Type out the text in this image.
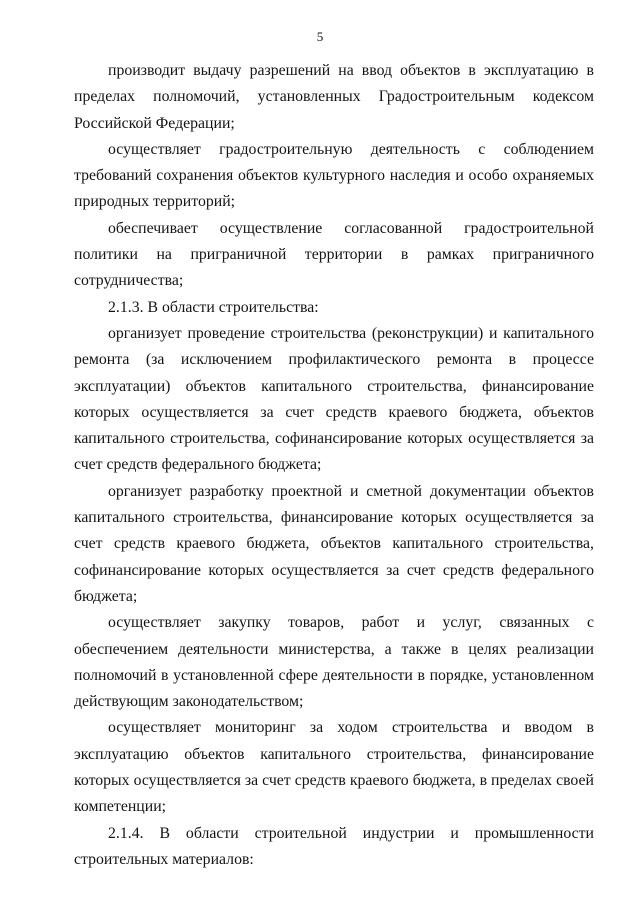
5

производит выдачу разрешений на ввод объектов в эксплуатацию в пределах полномочий, установленных Градостроительным кодексом Российской Федерации;

осуществляет градостроительную деятельность с соблюдением требований сохранения объектов культурного наследия и особо охраняемых природных территорий;

обеспечивает осуществление согласованной градостроительной политики на приграничной территории в рамках приграничного сотрудничества;

2.1.3. В области строительства:

организует проведение строительства (реконструкции) и капитального ремонта (за исключением профилактического ремонта в процессе эксплуатации) объектов капитального строительства, финансирование которых осуществляется за счет средств краевого бюджета, объектов капитального строительства, софинансирование которых осуществляется за счет средств федерального бюджета;

организует разработку проектной и сметной документации объектов капитального строительства, финансирование которых осуществляется за счет средств краевого бюджета, объектов капитального строительства, софинансирование которых осуществляется за счет средств федерального бюджета;

осуществляет закупку товаров, работ и услуг, связанных с обеспечением деятельности министерства, а также в целях реализации полномочий в установленной сфере деятельности в порядке, установленном действующим законодательством;

осуществляет мониторинг за ходом строительства и вводом в эксплуатацию объектов капитального строительства, финансирование которых осуществляется за счет средств краевого бюджета, в пределах своей компетенции;

2.1.4. В области строительной индустрии и промышленности строительных материалов:
